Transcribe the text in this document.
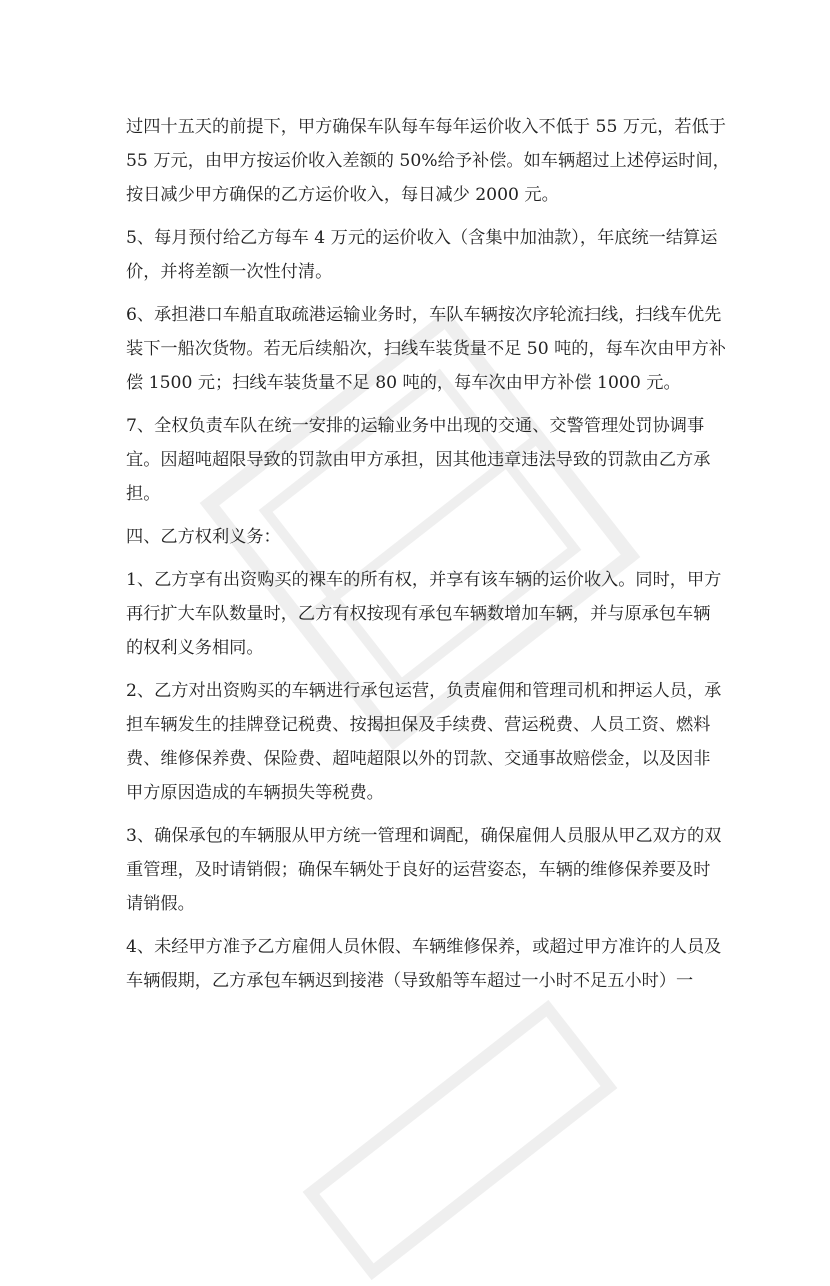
过四十五天的前提下，甲方确保车队每车每年运价收入不低于 55 万元，若低于
55 万元，由甲方按运价收入差额的 50%给予补偿。如车辆超过上述停运时间，
按日减少甲方确保的乙方运价收入，每日减少 2000 元。
5、每月预付给乙方每车 4 万元的运价收入（含集中加油款），年底统一结算运
价，并将差额一次性付清。
6、承担港口车船直取疏港运输业务时，车队车辆按次序轮流扫线，扫线车优先
装下一船次货物。若无后续船次，扫线车装货量不足 50 吨的，每车次由甲方补
偿 1500 元；扫线车装货量不足 80 吨的，每车次由甲方补偿 1000 元。
7、全权负责车队在统一安排的运输业务中出现的交通、交警管理处罚协调事
宜。因超吨超限导致的罚款由甲方承担，因其他违章违法导致的罚款由乙方承
担。
四、乙方权利义务：
1、乙方享有出资购买的裸车的所有权，并享有该车辆的运价收入。同时，甲方
再行扩大车队数量时，乙方有权按现有承包车辆数增加车辆，并与原承包车辆
的权利义务相同。
2、乙方对出资购买的车辆进行承包运营，负责雇佣和管理司机和押运人员，承
担车辆发生的挂牌登记税费、按揭担保及手续费、营运税费、人员工资、燃料
费、维修保养费、保险费、超吨超限以外的罚款、交通事故赔偿金，以及因非
甲方原因造成的车辆损失等税费。
3、确保承包的车辆服从甲方统一管理和调配，确保雇佣人员服从甲乙双方的双
重管理，及时请销假；确保车辆处于良好的运营姿态，车辆的维修保养要及时
请销假。
4、未经甲方准予乙方雇佣人员休假、车辆维修保养，或超过甲方准许的人员及
车辆假期，乙方承包车辆迟到接港（导致船等车超过一小时不足五小时）一
